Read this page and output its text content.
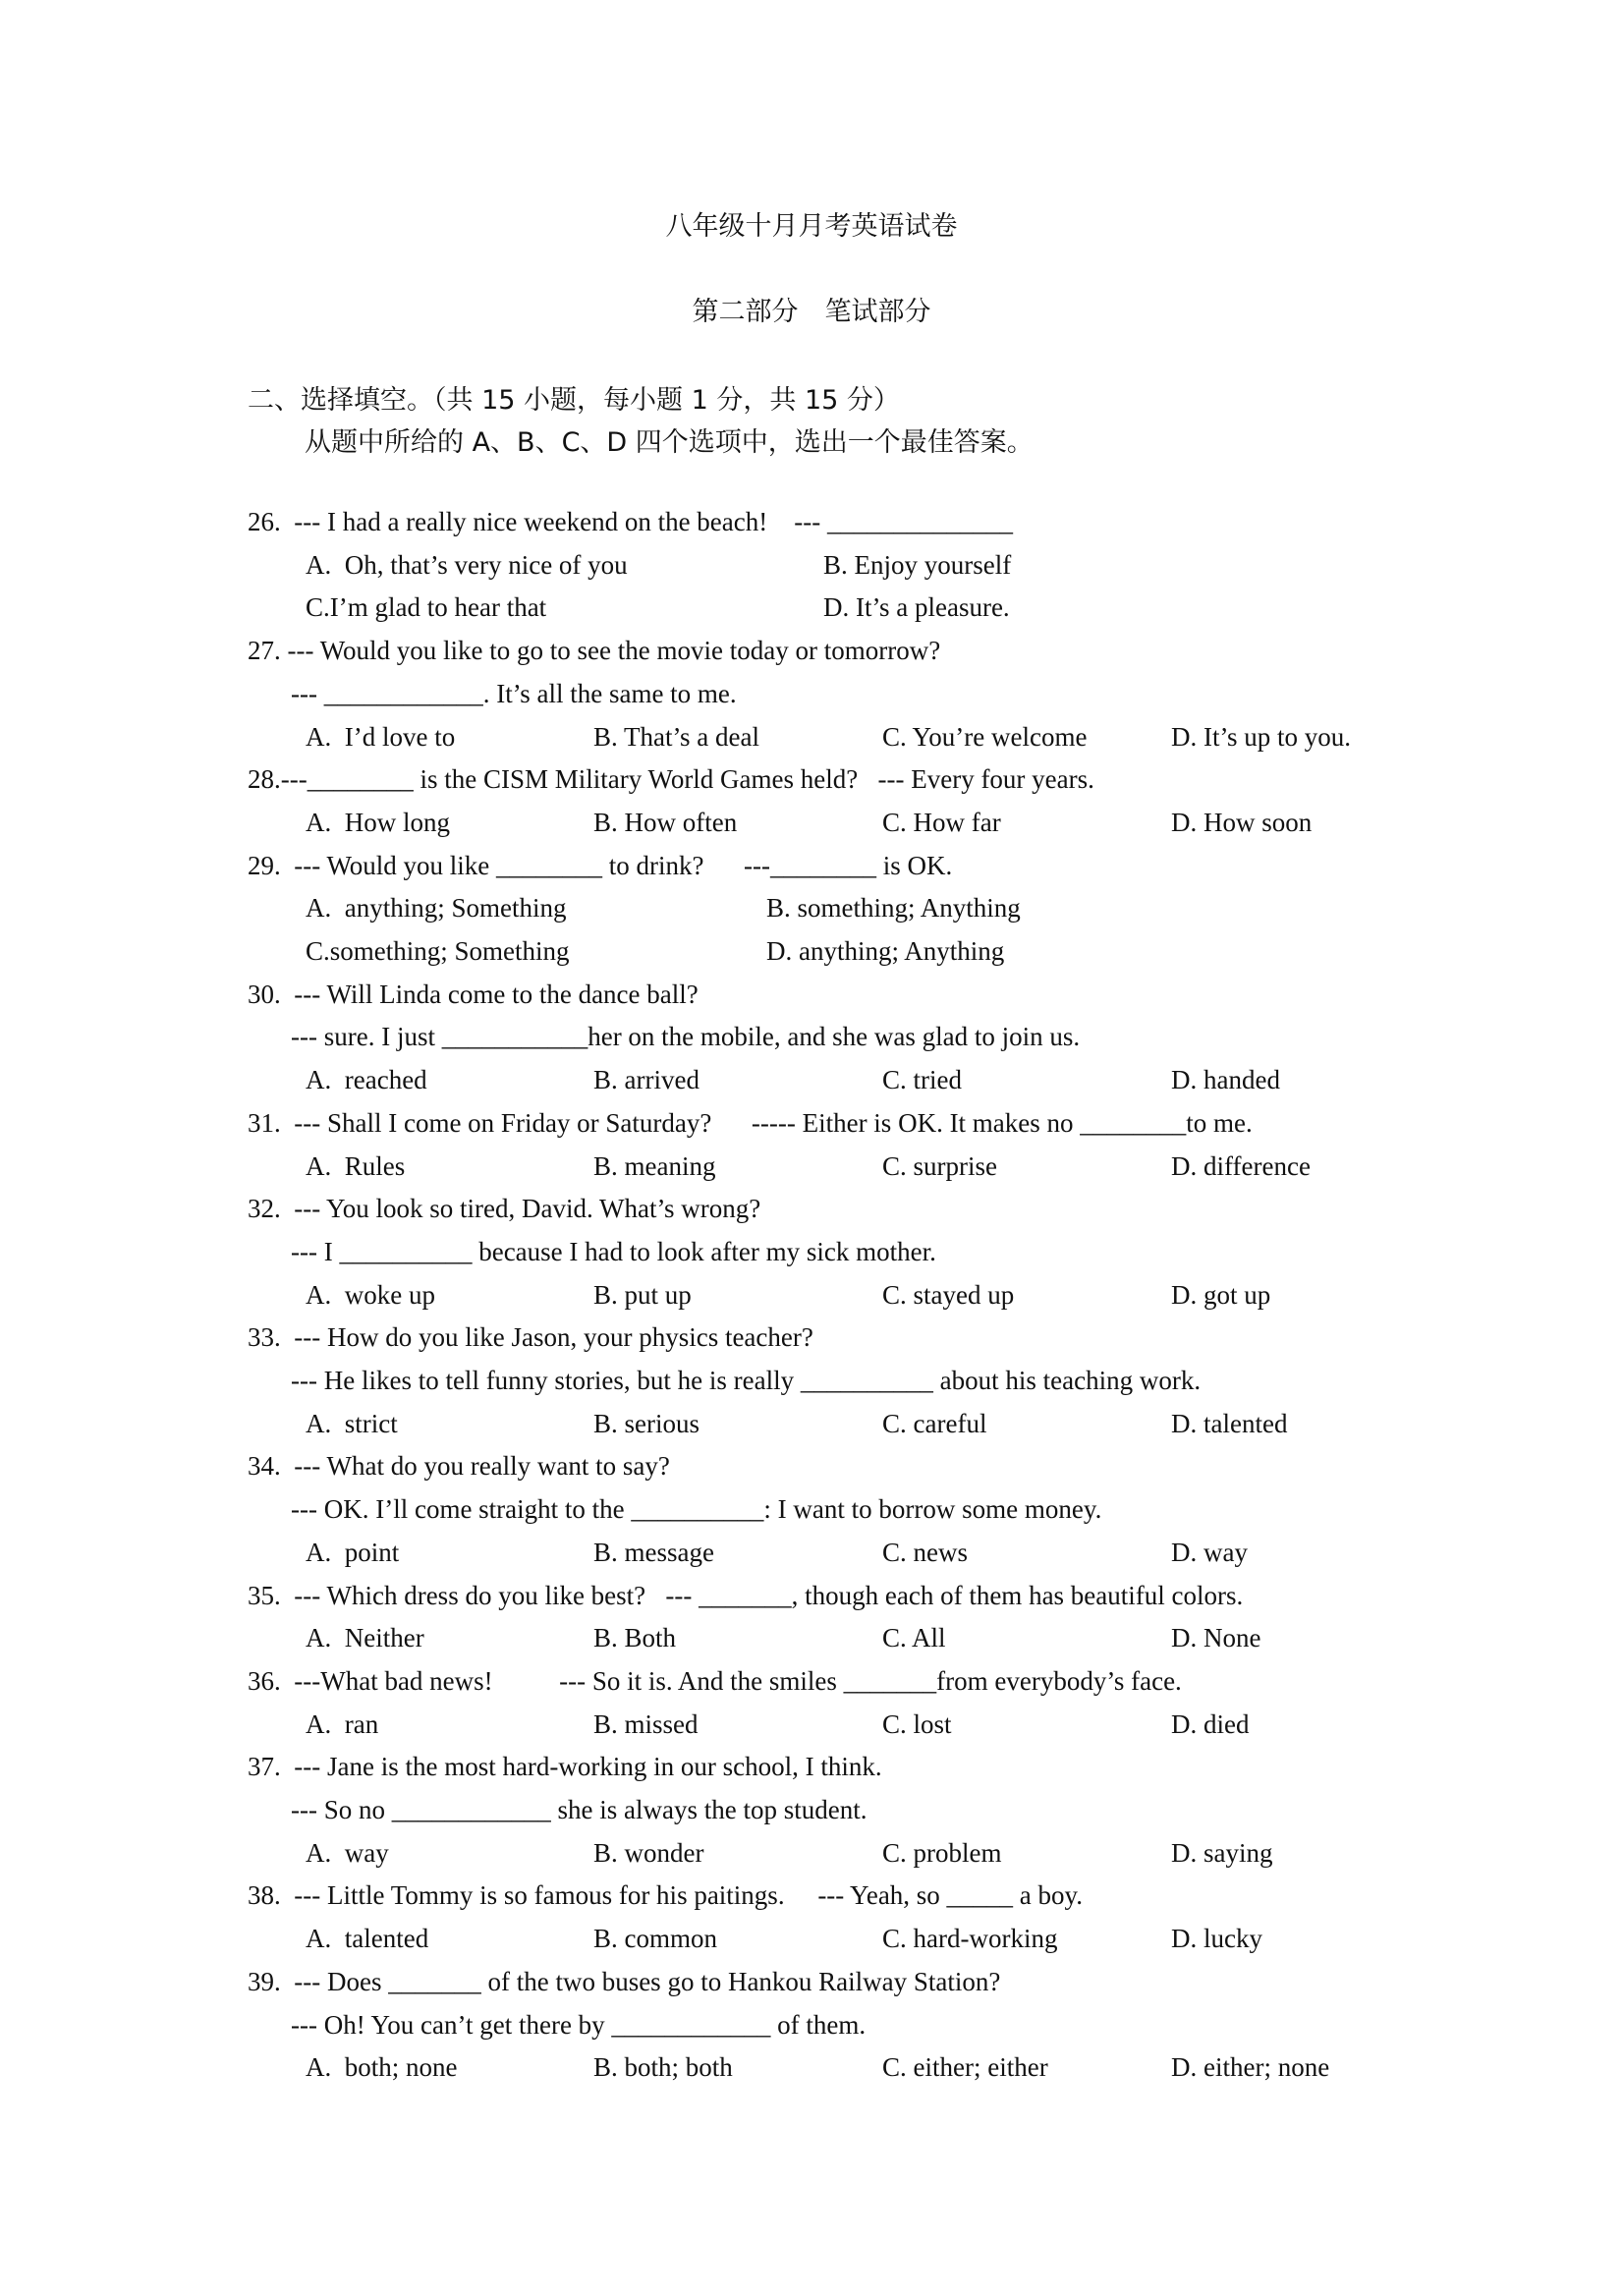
八年级十月月考英语试卷
第二部分　笔试部分
二、选择填空。（共 15 小题，每小题 1 分，共 15 分）
从题中所给的 A、B、C、D 四个选项中，选出一个最佳答案。
26.  --- I had a really nice weekend on the beach!    --- ______________
A.  Oh, that’s very nice of you	B. Enjoy yourself
C.I’m glad to hear that	D. It’s a pleasure.
27. --- Would you like to go to see the movie today or tomorrow?
--- ____________. It’s all the same to me.
A.  I’d love to	B. That’s a deal	C. You’re welcome	D. It’s up to you.
28.---________ is the CISM Military World Games held?   --- Every four years.
A.  How long	B. How often	C. How far	D. How soon
29.  --- Would you like ________ to drink?      ---________ is OK.
A.  anything; Something	B. something; Anything
C.something; Something	D. anything; Anything
30.  --- Will Linda come to the dance ball?
--- sure. I just ___________her on the mobile, and she was glad to join us.
A.  reached	B. arrived	C. tried	D. handed
31.  --- Shall I come on Friday or Saturday?      ----- Either is OK. It makes no ________to me.
A.  Rules	B. meaning	C. surprise	D. difference
32.  --- You look so tired, David. What’s wrong?
--- I __________ because I had to look after my sick mother.
A.  woke up	B. put up	C. stayed up	D. got up
33.  --- How do you like Jason, your physics teacher?
--- He likes to tell funny stories, but he is really __________ about his teaching work.
A.  strict	B. serious	C. careful	D. talented
34.  --- What do you really want to say?
--- OK. I’ll come straight to the __________: I want to borrow some money.
A.  point	B. message	C. news	D. way
35.  --- Which dress do you like best?   --- _______, though each of them has beautiful colors.
A.  Neither	B. Both	C. All	D. None
36.  ---What bad news!          --- So it is. And the smiles _______from everybody’s face.
A.  ran	B. missed	C. lost	D. died
37.  --- Jane is the most hard-working in our school, I think.
--- So no ____________ she is always the top student.
A.  way	B. wonder	C. problem	D. saying
38.  --- Little Tommy is so famous for his paitings.     --- Yeah, so _____ a boy.
A.  talented	B. common	C. hard-working	D. lucky
39.  --- Does _______ of the two buses go to Hankou Railway Station?
--- Oh! You can’t get there by ____________ of them.
A.  both; none	B. both; both	C. either; either	D. either; none
